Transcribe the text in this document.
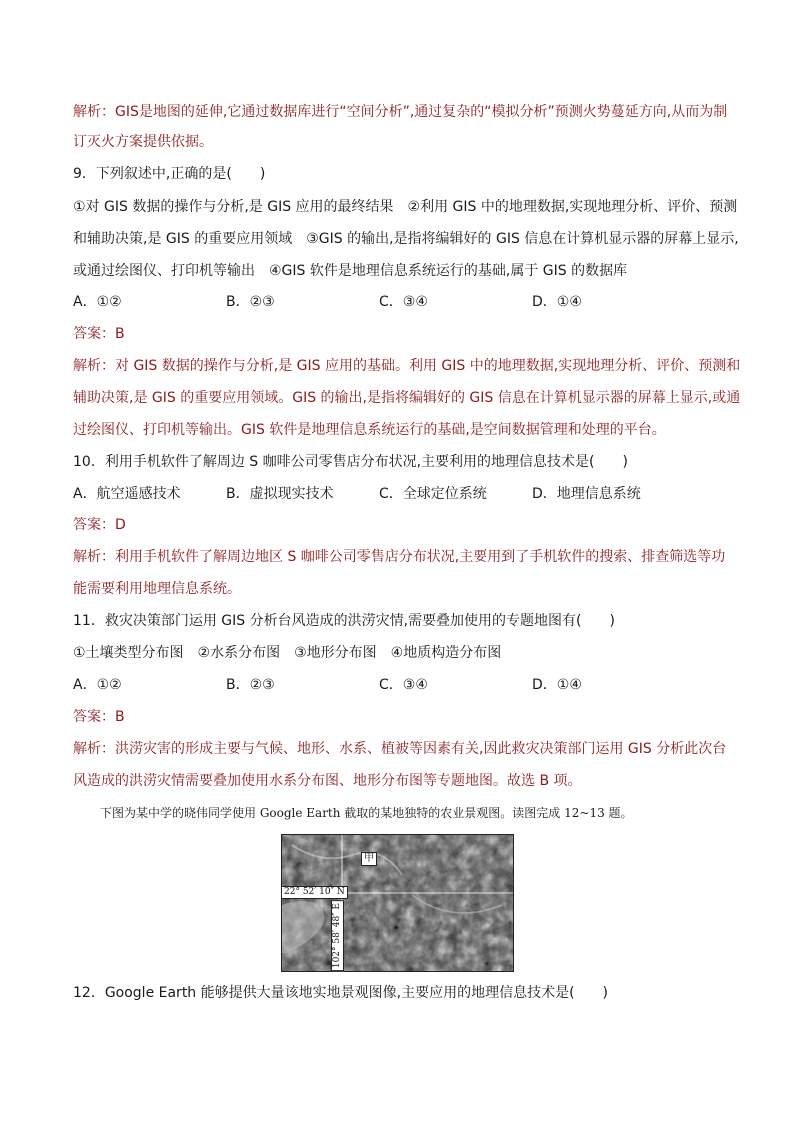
解析：GIS是地图的延伸,它通过数据库进行“空间分析”,通过复杂的“模拟分析”预测火势蔓延方向,从而为制
订灭火方案提供依据。
9．下列叙述中,正确的是(　　)
①对 GIS 数据的操作与分析,是 GIS 应用的最终结果　②利用 GIS 中的地理数据,实现地理分析、评价、预测
和辅助决策,是 GIS 的重要应用领域　③GIS 的输出,是指将编辑好的 GIS 信息在计算机显示器的屏幕上显示,
或通过绘图仪、打印机等输出　④GIS 软件是地理信息系统运行的基础,属于 GIS 的数据库
A．①②	B．②③	C．③④	D．①④
答案：B
解析：对 GIS 数据的操作与分析,是 GIS 应用的基础。利用 GIS 中的地理数据,实现地理分析、评价、预测和
辅助决策,是 GIS 的重要应用领域。GIS 的输出,是指将编辑好的 GIS 信息在计算机显示器的屏幕上显示,或通
过绘图仪、打印机等输出。GIS 软件是地理信息系统运行的基础,是空间数据管理和处理的平台。
10．利用手机软件了解周边 S 咖啡公司零售店分布状况,主要利用的地理信息技术是(　　)
A．航空遥感技术	B．虚拟现实技术	C．全球定位系统	D．地理信息系统
答案：D
解析：利用手机软件了解周边地区 S 咖啡公司零售店分布状况,主要用到了手机软件的搜索、排查筛选等功
能需要利用地理信息系统。
11．救灾决策部门运用 GIS 分析台风造成的洪涝灾情,需要叠加使用的专题地图有(　　)
①土壤类型分布图　②水系分布图　③地形分布图　④地质构造分布图
A．①②	B．②③	C．③④	D．①④
答案：B
解析：洪涝灾害的形成主要与气候、地形、水系、植被等因素有关,因此救灾决策部门运用 GIS 分析此次台
风造成的洪涝灾情需要叠加使用水系分布图、地形分布图等专题地图。故选 B 项。
下图为某中学的晓伟同学使用 Google Earth 截取的某地独特的农业景观图。读图完成 12~13 题。
22° 52′ 10″ N
102° 58′ 48″ E
甲
12．Google Earth 能够提供大量该地实地景观图像,主要应用的地理信息技术是(　　)
